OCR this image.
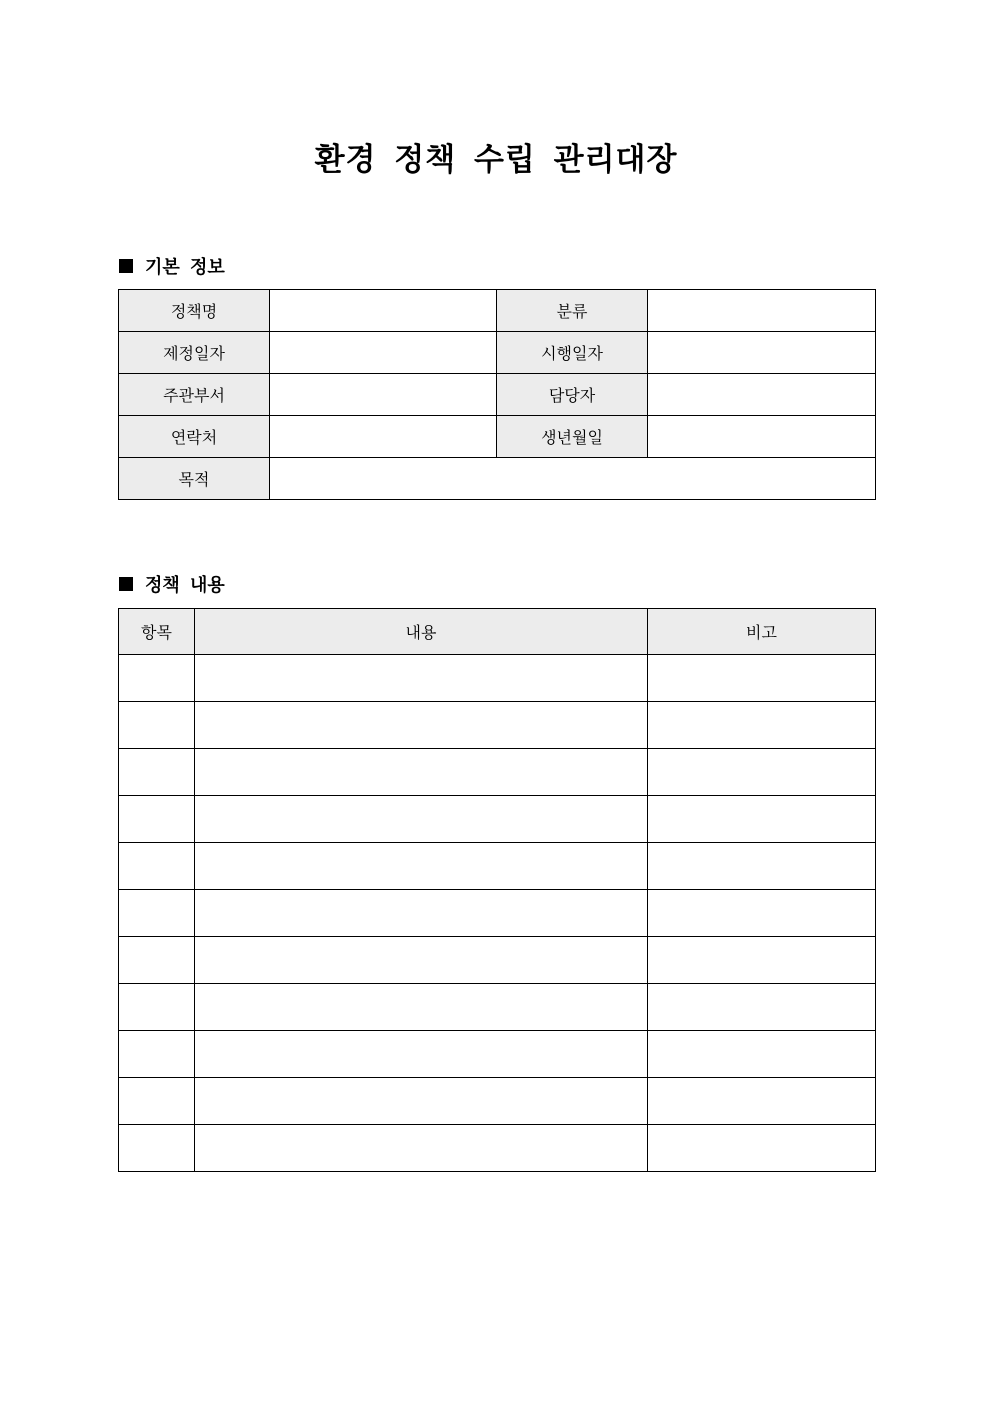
환경 정책 수립 관리대장
기본 정보
정책명		분류	
제정일자		시행일자	
주관부서		담당자	
연락처		생년월일	
목적			
정책 내용
항목	내용	비고
